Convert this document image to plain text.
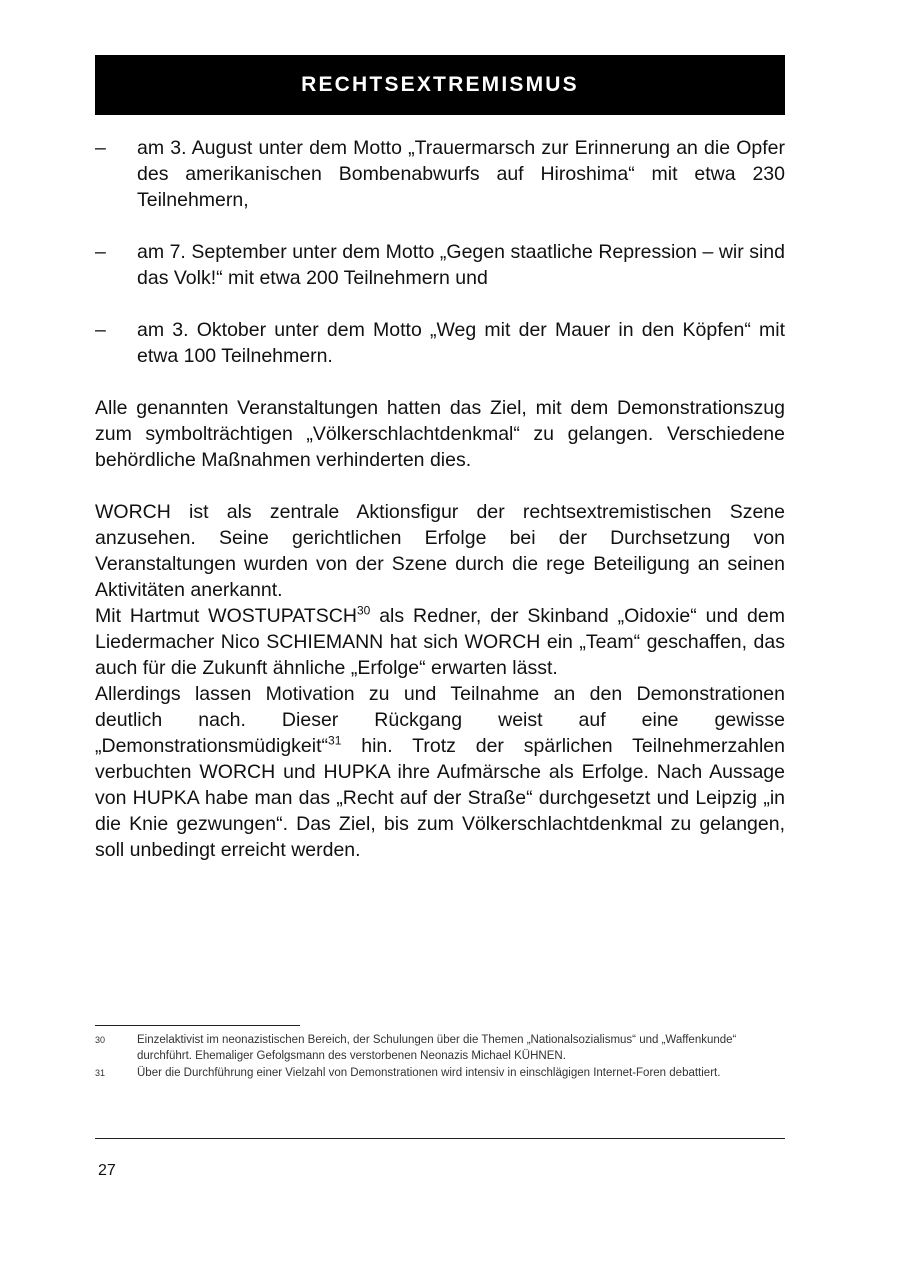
RECHTSEXTREMISMUS
–	am 3. August unter dem Motto „Trauermarsch zur Erinnerung an die Opfer des amerikanischen Bombenabwurfs auf Hiroshima“ mit etwa 230 Teilnehmern,
–	am 7. September unter dem Motto „Gegen staatliche Repression – wir sind das Volk!“ mit etwa 200 Teilnehmern und
–	am 3. Oktober unter dem Motto „Weg mit der Mauer in den Köpfen“ mit etwa 100 Teilnehmern.

Alle genannten Veranstaltungen hatten das Ziel, mit dem Demonstrationszug zum symbolträchtigen „Völkerschlachtdenkmal“ zu gelangen. Verschiedene behördliche Maßnahmen verhinderten dies.

WORCH ist als zentrale Aktionsfigur der rechtsextremistischen Szene anzusehen. Seine gerichtlichen Erfolge bei der Durchsetzung von Veranstaltungen wurden von der Szene durch die rege Beteiligung an seinen Aktivitäten anerkannt.

Mit Hartmut WOSTUPATSCH$^{30}$ als Redner, der Skinband „Oidoxie“ und dem Liedermacher Nico SCHIEMANN hat sich WORCH ein „Team“ geschaffen, das auch für die Zukunft ähnliche „Erfolge“ erwarten lässt.

Allerdings lassen Motivation zu und Teilnahme an den Demonstrationen deutlich nach. Dieser Rückgang weist auf eine gewisse „Demonstrationsmüdigkeit“$^{31}$ hin. Trotz der spärlichen Teilnehmerzahlen verbuchten WORCH und HUPKA ihre Aufmärsche als Erfolge. Nach Aussage von HUPKA habe man das „Recht auf der Straße“ durchgesetzt und Leipzig „in die Knie gezwungen“. Das Ziel, bis zum Völkerschlachtdenkmal zu gelangen, soll unbedingt erreicht werden.

30	Einzelaktivist im neonazistischen Bereich, der Schulungen über die Themen „Nationalsozialismus“ und „Waffenkunde“ durchführt. Ehemaliger Gefolgsmann des verstorbenen Neonazis Michael KÜHNEN.
31	Über die Durchführung einer Vielzahl von Demonstrationen wird intensiv in einschlägigen Internet-Foren debattiert.
27
